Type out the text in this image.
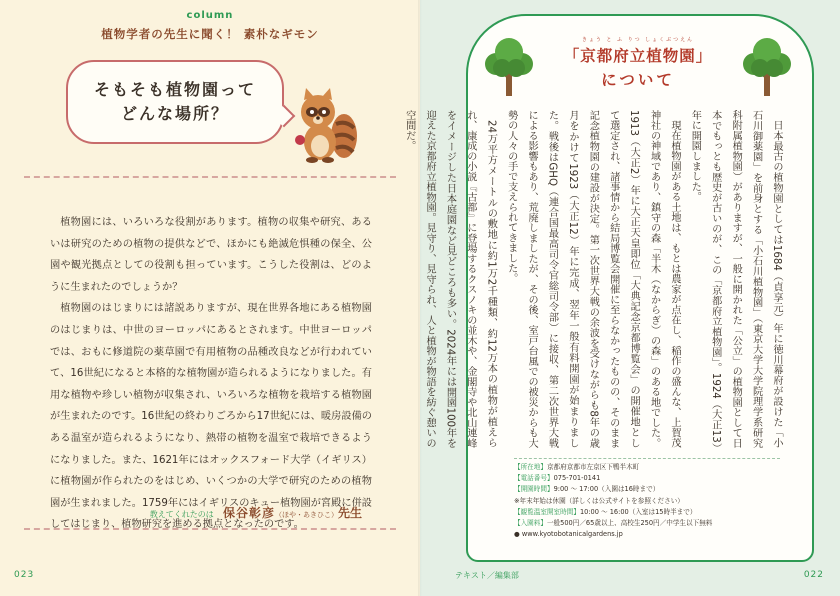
column
植物学者の先生に聞く！ 素朴なギモン
そもそも植物園って
どんな場所？

植物園には、いろいろな役割があります。植物の収集や研究、あるいは研究のための植物の提供などで、ほかにも絶滅危惧種の保全、公園や観光拠点としての役割も担っています。こうした役割は、どのように生まれたのでしょうか？

植物園のはじまりには諸説ありますが、現在世界各地にある植物園のはじまりは、中世のヨーロッパにあるとされます。中世ヨーロッパでは、おもに修道院の薬草園で有用植物の品種改良などが行われていて、16世紀になると本格的な植物園が造られるようになりました。有用な植物や珍しい植物が収集され、いろいろな植物を栽培する植物園が生まれたのです。16世紀の終わりごろから17世紀には、暖房設備のある温室が造られるようになり、熱帯の植物を温室で栽培できるようになりました。また、1621年にはオックスフォード大学（イギリス）に植物園が作られたのをはじめ、いくつかの大学で研究のための植物園が生まれました。1759年にはイギリスのキュー植物園が宮殿に併設してはじまり、植物研究を進める拠点となったのです。

教えてくれたのは 保谷彰彦（ほや・あきひこ）先生
023
きょう と ふ りつ しょくぶつえん
「京都府立植物園」
について

日本最古の植物園としては1684（貞享元）年に徳川幕府が設けた「小石川御薬園」を前身とする「小石川植物園」（東京大学大学院理学系研究科附属植物園）がありますが、一般に開かれた「公立」の植物園として日本でもっとも歴史が古いのが、この「京都府立植物園」。1924（大正13）年に開園しました。

現在植物園がある土地は、もとは農家が点在し、稲作の盛んな、上賀茂神社の神域であり、鎮守の森「半木（なからぎ）の森」のある地でした。1913（大正2）年に大正天皇即位「大典記念京都博覧会」の開催地として選定され、諸事情から結局博覧会開催に至らなかったものの、そのまま記念植物園の建設が決定。第一次世界大戦の余波を受けながらも8年の歳月をかけて1923（大正12）年に完成、翌年一般有料開園が始まりました。戦後はGHQ（連合国最高司令官総司令部）に接収、第二次世界大戦による影響もあり、荒廃しましたが、その後、室戸台風での被災からも大勢の人々の手で支えられてきました。

24万平方メートルの敷地に約1万2千種類、約12万本の植物が植えられ、康成の小説『古都』に登場するクスノキの並木や、金閣寺や北山連峰をイメージした日本庭園など見どころも多い。2024年には開園100年を迎えた京都府立植物園。見守り、見守られ、人と植物が物語を紡ぐ憩いの空間だ。

【所在地】京都府京都市左京区下鴨半木町
【電話番号】075-701-0141
【開園時間】9:00 ～ 17:00（入園は16時まで）
※年末年始は休園（詳しくは公式サイトを参照ください）
【観覧温室開室時間】10:00 ～ 16:00（入室は15時半まで）
【入園料】一般500円／65歳以上、高校生250円／中学生以下無料
● www.kyotobotanicalgardens.jp
テキスト／編集部	022
